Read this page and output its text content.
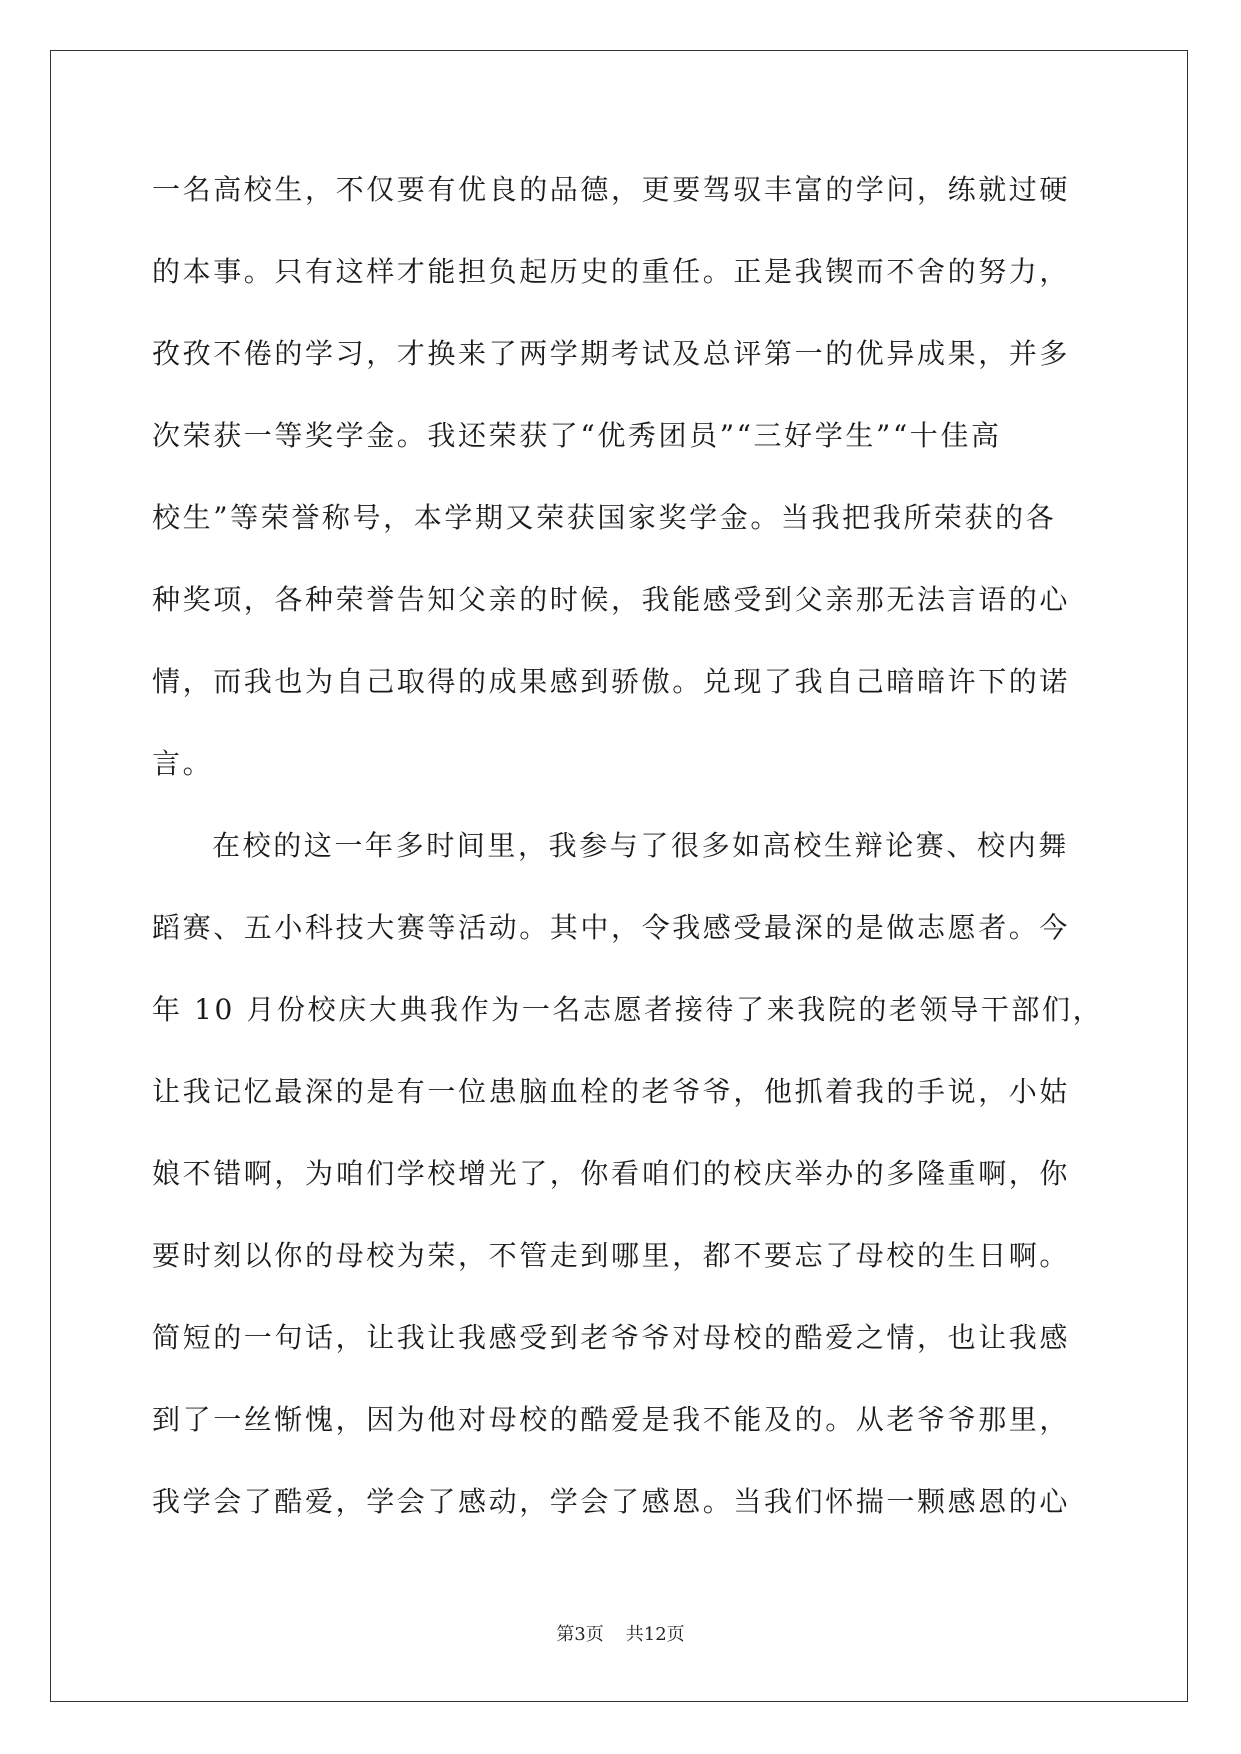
一名高校生，不仅要有优良的品德，更要驾驭丰富的学问，练就过硬
的本事。只有这样才能担负起历史的重任。正是我锲而不舍的努力，
孜孜不倦的学习，才换来了两学期考试及总评第一的优异成果，并多
次荣获一等奖学金。我还荣获了“优秀团员”“三好学生”“十佳高
校生”等荣誉称号，本学期又荣获国家奖学金。当我把我所荣获的各
种奖项，各种荣誉告知父亲的时候，我能感受到父亲那无法言语的心
情，而我也为自己取得的成果感到骄傲。兑现了我自己暗暗许下的诺
言。
在校的这一年多时间里，我参与了很多如高校生辩论赛、校内舞
蹈赛、五小科技大赛等活动。其中，令我感受最深的是做志愿者。今
年 10 月份校庆大典我作为一名志愿者接待了来我院的老领导干部们，
让我记忆最深的是有一位患脑血栓的老爷爷，他抓着我的手说，小姑
娘不错啊，为咱们学校增光了，你看咱们的校庆举办的多隆重啊，你
要时刻以你的母校为荣，不管走到哪里，都不要忘了母校的生日啊。
简短的一句话，让我让我感受到老爷爷对母校的酷爱之情，也让我感
到了一丝惭愧，因为他对母校的酷爱是我不能及的。从老爷爷那里，
我学会了酷爱，学会了感动，学会了感恩。当我们怀揣一颗感恩的心
第3页 共12页
